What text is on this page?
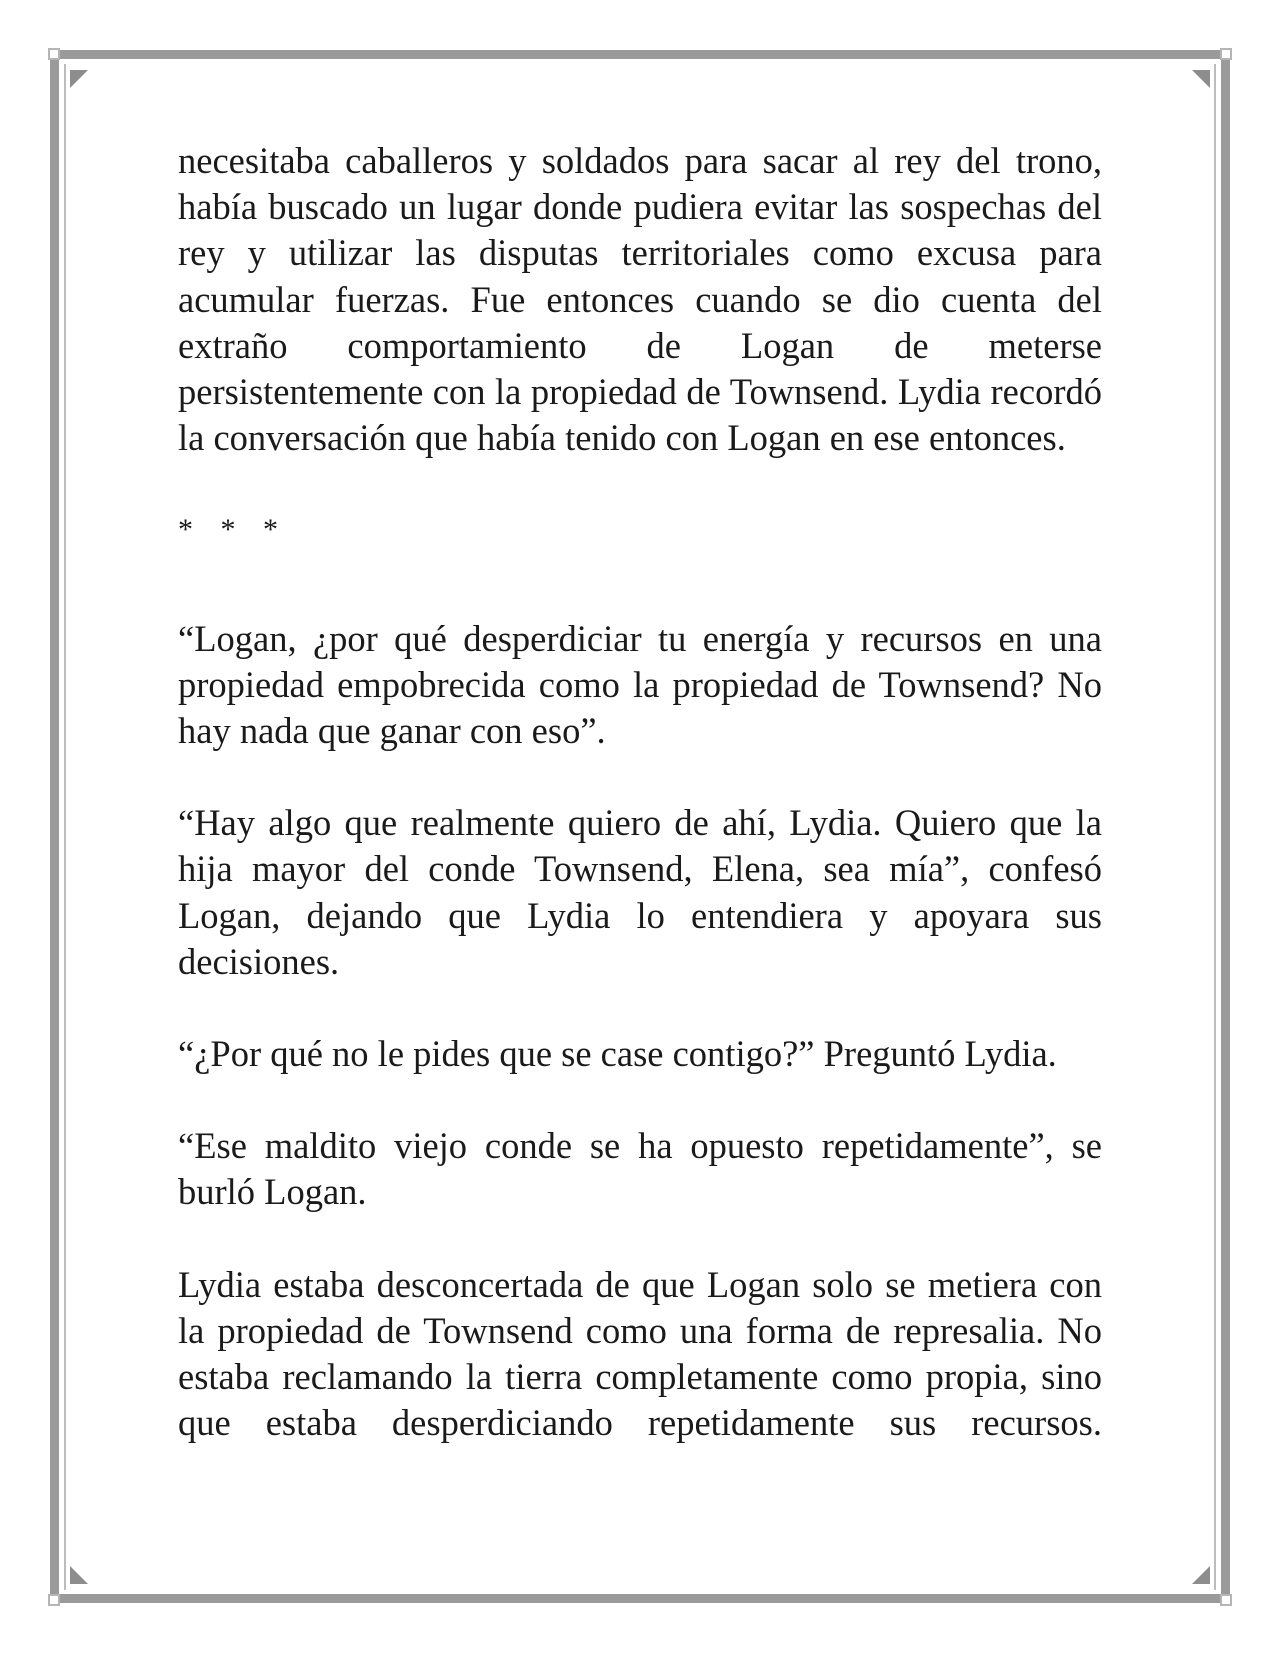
necesitaba caballeros y soldados para sacar al rey del trono, había buscado un lugar donde pudiera evitar las sospechas del rey y utilizar las disputas territoriales como excusa para acumular fuerzas. Fue entonces cuando se dio cuenta del extraño comportamiento de Logan de meterse persistentemente con la propiedad de Townsend. Lydia recordó la conversación que había tenido con Logan en ese entonces.

* * *

“Logan, ¿por qué desperdiciar tu energía y recursos en una propiedad empobrecida como la propiedad de Townsend? No hay nada que ganar con eso”.

“Hay algo que realmente quiero de ahí, Lydia. Quiero que la hija mayor del conde Townsend, Elena, sea mía”, confesó Logan, dejando que Lydia lo entendiera y apoyara sus decisiones.

“¿Por qué no le pides que se case contigo?” Preguntó Lydia.

“Ese maldito viejo conde se ha opuesto repetidamente”, se burló Logan.

Lydia estaba desconcertada de que Logan solo se metiera con la propiedad de Townsend como una forma de represalia. No estaba reclamando la tierra completamente como propia, sino que estaba desperdiciando repetidamente sus recursos.
